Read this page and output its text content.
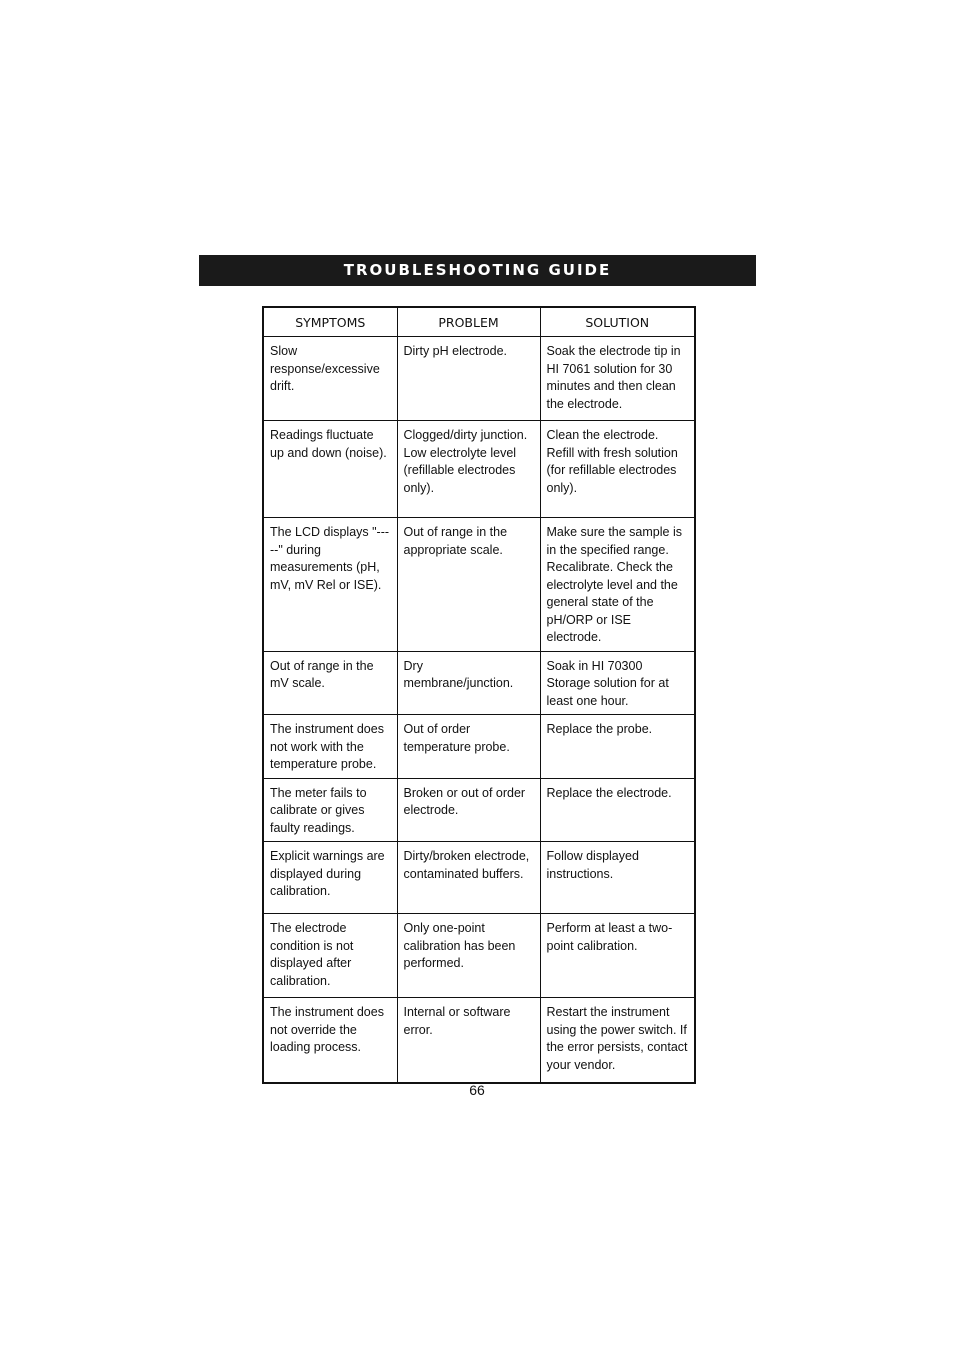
TROUBLESHOOTING GUIDE
SYMPTOMS	PROBLEM	SOLUTION
Slow response/excessive drift.	Dirty pH electrode.	Soak the electrode tip in HI 7061 solution for 30 minutes and then clean the electrode.
Readings fluctuate up and down (noise).	Clogged/dirty junction. Low electrolyte level (refillable electrodes only).	Clean the electrode. Refill with fresh solution (for refillable electrodes only).
The LCD displays "-----" during measurements (pH, mV, mV Rel or ISE).	Out of range in the appropriate scale.	Make sure the sample is in the specified range. Recalibrate. Check the electrolyte level and the general state of the pH/ORP or ISE electrode.
Out of range in the mV scale.	Dry membrane/junction.	Soak in HI 70300 Storage solution for at least one hour.
The instrument does not work with the temperature probe.	Out of order temperature probe.	Replace the probe.
The meter fails to calibrate or gives faulty readings.	Broken or out of order electrode.	Replace the electrode.
Explicit warnings are displayed during calibration.	Dirty/broken electrode, contaminated buffers.	Follow displayed instructions.
The electrode condition is not displayed after calibration.	Only one-point calibration has been performed.	Perform at least a two-point calibration.
The instrument does not override the loading process.	Internal or software error.	Restart the instrument using the power switch. If the error persists, contact your vendor.
66
